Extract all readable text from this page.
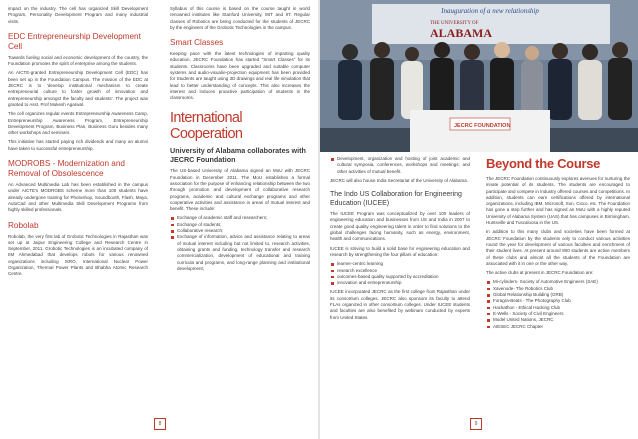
impact on the industry. The cell has organized Skill Development Program, Personality Development Program and many industrial visits.

EDC Entrepreneurship Development Cell

Towards fueling social and economic development of the country, the Foundation promotes the spirit of enterprise among the students.

An AICTE-granted Entrepreneurship Development Cell (EDC) has been set up in the Foundation Campus. The mission of the EDC at JECRC is to 'develop institutional mechanism to create entrepreneurial culture to foster growth of innovation and entrepreneurship amongst the faculty and students'. The project was granted to Asst. Prof Mukesh Agarwal.

The cell organizes regular events Entrepreneurship Awareness Camp, Entrepreneurship Awareness Program, Entrepreneurship Development Program, Business Plan, Business Guru besides many other workshops and seminars.

This initiative has started paying rich dividends and many an alumni have taken to successful entrepreneurship.

MODROBS - Modernization and Removal of Obsolescence

An Advanced Multimedia Lab has been established in the campus under AICTE's MODROBS scheme more than 100 students have already undergone training for Photoshop, Soundbooth, Flash, Maya, AutoCad and other Multimedia Skill Development Programs from highly skilled professionals.

Robolab

Robolab, the very first lab of Grobotic Technologies in Rajasthan was set up at Jaipur Engineering College and Research Centre in September, 2011. Grobotic Technologies is an incubated company of IIM Ahmedabad that develops robots for various renowned organizations including ISRO, International Nuclear Power Organization, Thermal Power Plants and Bhabha Atomic Research Centre.

Syllabus of this course is based on the course taught in world renowned institutes like Stanford University, MIT and IIT. Regular classes of Robotics are being conducted for the students of JECRC by the engineers of the Grobotic Technologies in the campus.

Smart Classes

Keeping pace with the latest technologies of imparting quality education, JECRC Foundation has started "Smart Classes" for its students. Classrooms have been upgraded and suitable computer systems and audio-visual/e-projection equipment has been provided for Students are taught using 3D drawings and real life simulation that lead to better understanding of concepts. This also increases the interest and induces proactive participation of students in the classrooms.

International Cooperation
University of Alabama collaborates with JECRC Foundation

The US-based University of Alabama signed an MoU with JECRC Foundation in December 2011. The MoU establishes a formal association for the purpose of enhancing relationship between the two through promotion and development of collaborative research programs, academic and cultural exchange programs and other cooperative activities and assistance in areas of mutual interest and benefit. These include:

Exchange of academic staff and researchers;
Exchange of students;
Collaborative research;
Exchange of information, advice and assistance relating to areas of mutual interest including but not limited to, research activities, obtaining grants and funding, technology transfer and research commercialization, development of educational and training curricula and programs, and long-range planning and institutional development;
8
Inauguration of a new relationship
THE UNIVERSITY OF
ALABAMA
JECRC FOUNDATION
Development, organization and hosting of joint academic and cultural symposia, conferences, workshops and meetings; and other activities of mutual benefit.

JECRC will also house India Secretariat of the University of Alabama.

The Indo US Collaboration for Engineering Education (IUCEE)

The IUCEE Program was conceptualized by over 100 leaders of engineering education and businesses from US and India in 2007 to create good quality engineering talent in order to find solutions to the global challenges facing humanity, such as energy, environment, health and communications.

IUCEE is striving to build a solid base for engineering education and research by strengthening the four pillars of education:

learner-centric learning
research excellence
outcomes-based quality supported by accreditation
innovation and entrepreneurship

IUCEE incorporated JECRC as the first college from Rajasthan under its consortium colleges. JECRC also sponsors its faculty to attend FLAs organized in other consortium colleges. Under IUCEE students and faculties are also benefited by webinars conducted by experts from United States.

Beyond the Course

The JECRC Foundation continuously explores avenues for nurturing the innate potential of its students. The students are encouraged to participate and compete in Industry offered courses and competitions. In addition, students can earn certifications offered by international organizations, including IBM, Microsoft, Sun, Cisco, etc. The Foundation has gone a step further and has signed an MoU with a highly reputed University of Alabama System (UAS) that has campuses in Birmingham, Huntsville and Tuscaloosa in the US.

In addition to this many clubs and societies have been formed at JECRC Foundation by the students only to conduct various activities round the year for development of various faculties and enrichment of their student lives. At present around 800 students are active members of these clubs and almost all the students of the Foundation are associated with it in one or the other way.

The active clubs at present in JECRC Foundation are:

Mi-cylinders- Society of Automotive Engineers (SAE)
Xavenode- The Robotics Club
Global Relationship Building (GRB)
Foragra-Beats - The Photography Club
Hackathon - Ethical Hacking Club
E-Wells - Society of Civil Engineers
Model United Nations, JECRC
AIESEC JECRC Chapter
9
